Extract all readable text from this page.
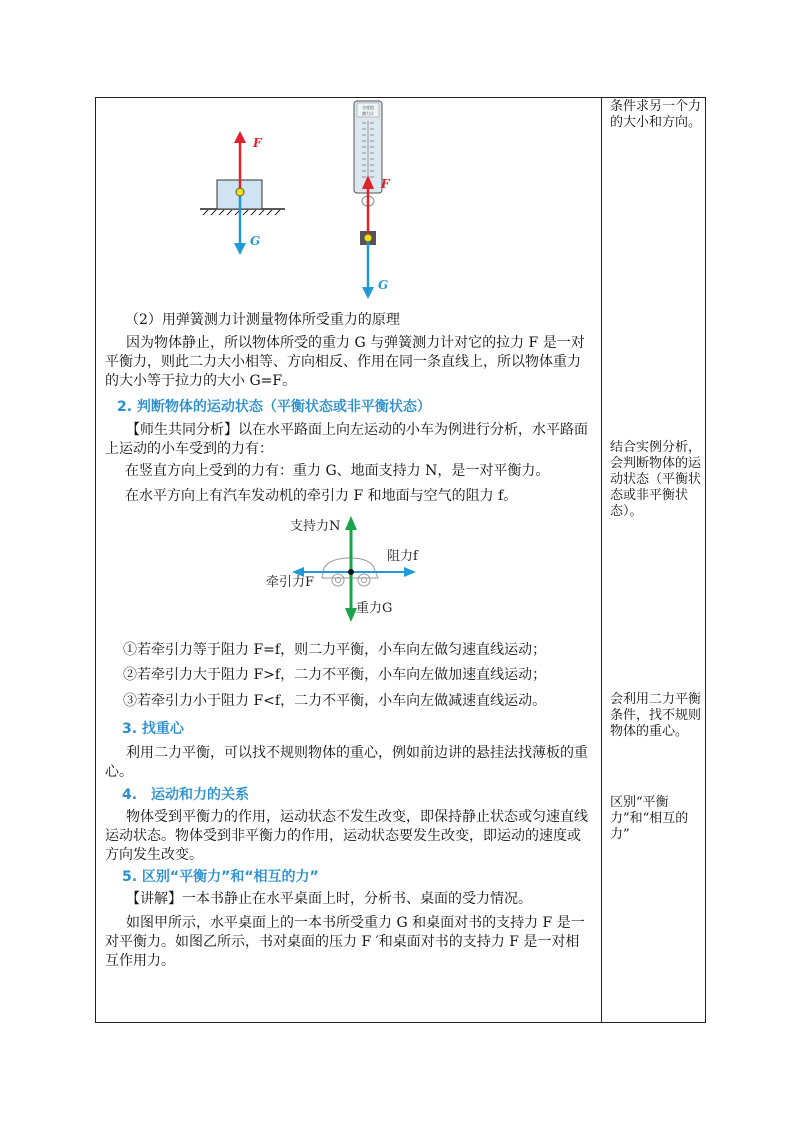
F
G
分度值
测力计
F
G
（2）用弹簧测力计测量物体所受重力的原理
因为物体静止，所以物体所受的重力 G 与弹簧测力计对它的拉力 F 是一对平衡力，则此二力大小相等、方向相反、作用在同一条直线上，所以物体重力的大小等于拉力的大小 G=F。
2. 判断物体的运动状态（平衡状态或非平衡状态）
【师生共同分析】以在水平路面上向左运动的小车为例进行分析，水平路面上运动的小车受到的力有：
在竖直方向上受到的力有：重力 G、地面支持力 N，是一对平衡力。
在水平方向上有汽车发动机的牵引力 F 和地面与空气的阻力 f。
支持力N
阻力f
牵引力F
重力G
①若牵引力等于阻力 F=f，则二力平衡，小车向左做匀速直线运动；
②若牵引力大于阻力 F>f，二力不平衡，小车向左做加速直线运动；
③若牵引力小于阻力 F<f，二力不平衡，小车向左做减速直线运动。
3. 找重心
利用二力平衡，可以找不规则物体的重心，例如前边讲的悬挂法找薄板的重心。
4.　运动和力的关系
物体受到平衡力的作用，运动状态不发生改变，即保持静止状态或匀速直线运动状态。物体受到非平衡力的作用，运动状态要发生改变，即运动的速度或方向发生改变。
5. 区别“平衡力”和“相互的力”
【讲解】一本书静止在水平桌面上时，分析书、桌面的受力情况。
如图甲所示，水平桌面上的一本书所受重力 G 和桌面对书的支持力 F 是一对平衡力。如图乙所示，书对桌面的压力 F ′和桌面对书的支持力 F 是一对相互作用力。
条件求另一个力的大小和方向。
结合实例分析，会判断物体的运动状态（平衡状态或非平衡状态）。
会利用二力平衡条件，找不规则物体的重心。
区别“平衡力”和“相互的力”
